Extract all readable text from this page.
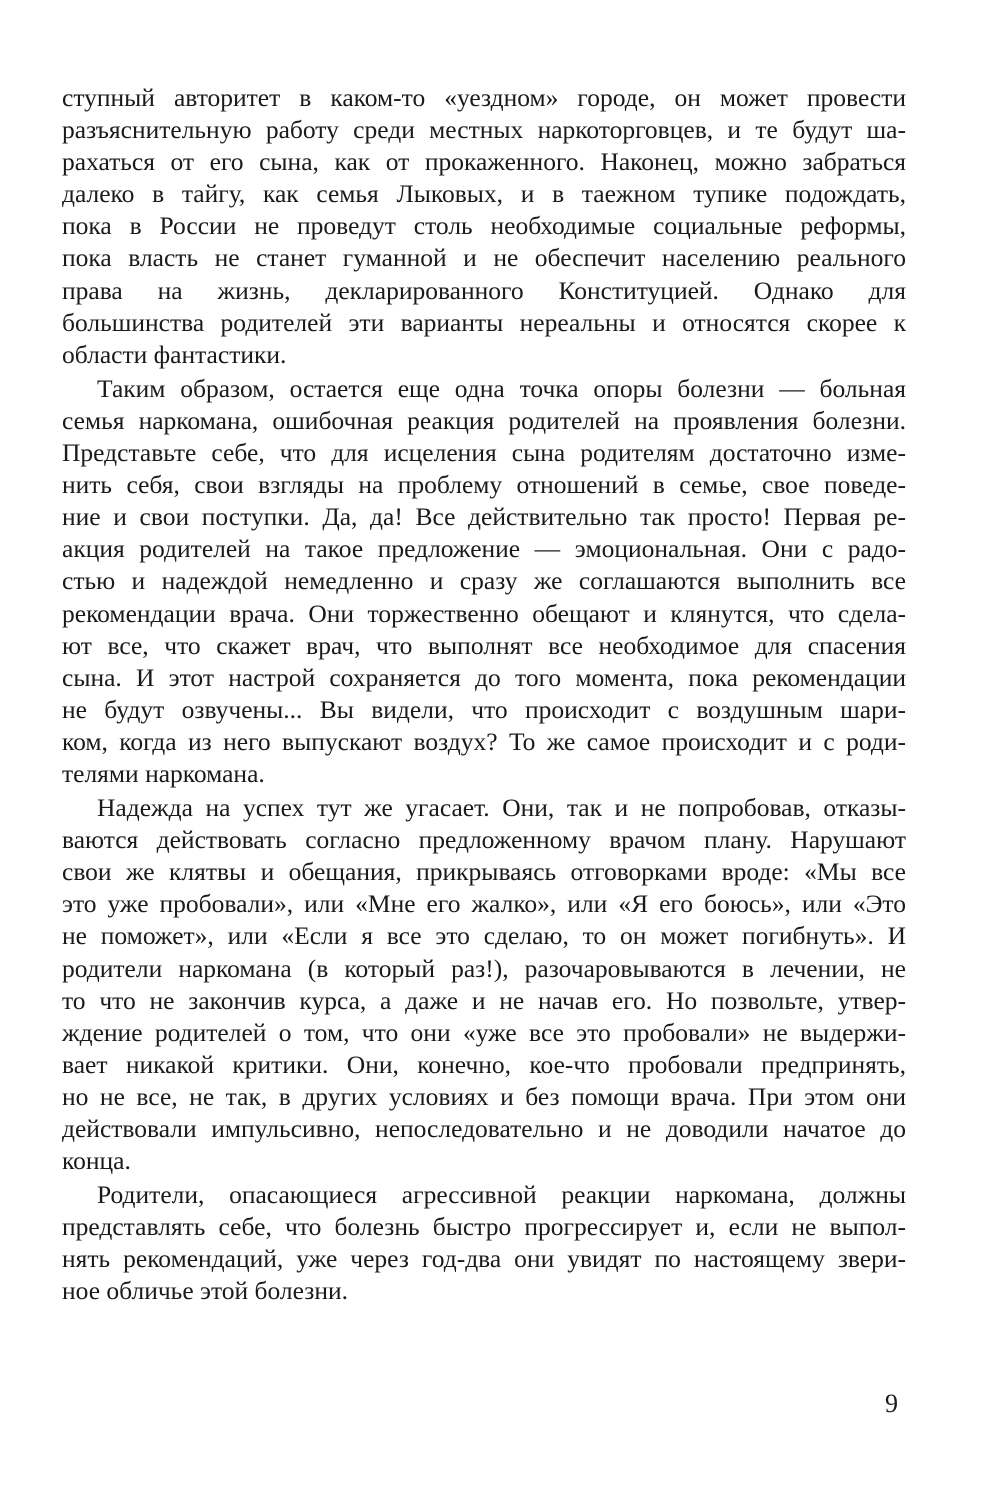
ступный авторитет в каком-то «уездном» городе, он может провести
разъяснительную работу среди местных наркоторговцев, и те будут ша-
рахаться от его сына, как от прокаженного. Наконец, можно забраться
далеко в тайгу, как семья Лыковых, и в таежном тупике подождать,
пока в России не проведут столь необходимые социальные реформы,
пока власть не станет гуманной и не обеспечит населению реального
права на жизнь, декларированного Конституцией. Однако для
большинства родителей эти варианты нереальны и относятся скорее к
области фантастики.
Таким образом, остается еще одна точка опоры болезни — больная
семья наркомана, ошибочная реакция родителей на проявления болезни.
Представьте себе, что для исцеления сына родителям достаточно изме-
нить себя, свои взгляды на проблему отношений в семье, свое поведе-
ние и свои поступки. Да, да! Все действительно так просто! Первая ре-
акция родителей на такое предложение — эмоциональная. Они с радо-
стью и надеждой немедленно и сразу же соглашаются выполнить все
рекомендации врача. Они торжественно обещают и клянутся, что сдела-
ют все, что скажет врач, что выполнят все необходимое для спасения
сына. И этот настрой сохраняется до того момента, пока рекомендации
не будут озвучены... Вы видели, что происходит с воздушным шари-
ком, когда из него выпускают воздух? То же самое происходит и с роди-
телями наркомана.
Надежда на успех тут же угасает. Они, так и не попробовав, отказы-
ваются действовать согласно предложенному врачом плану. Нарушают
свои же клятвы и обещания, прикрываясь отговорками вроде: «Мы все
это уже пробовали», или «Мне его жалко», или «Я его боюсь», или «Это
не поможет», или «Если я все это сделаю, то он может погибнуть». И
родители наркомана (в который раз!), разочаровываются в лечении, не
то что не закончив курса, а даже и не начав его. Но позвольте, утвер-
ждение родителей о том, что они «уже все это пробовали» не выдержи-
вает никакой критики. Они, конечно, кое-что пробовали предпринять,
но не все, не так, в других условиях и без помощи врача. При этом они
действовали импульсивно, непоследовательно и не доводили начатое до
конца.
Родители, опасающиеся агрессивной реакции наркомана, должны
представлять себе, что болезнь быстро прогрессирует и, если не выпол-
нять рекомендаций, уже через год-два они увидят по настоящему звери-
ное обличье этой болезни.
9
